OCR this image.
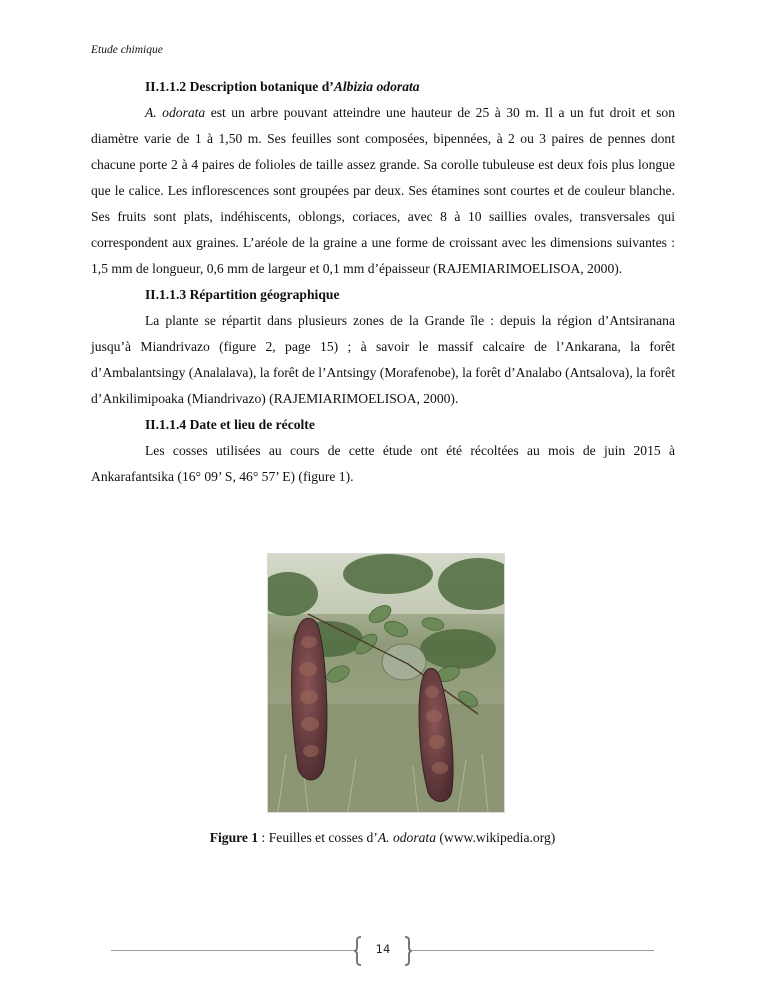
Etude chimique
II.1.1.2 Description botanique d’Albizia odorata

A. odorata est un arbre pouvant atteindre une hauteur de 25 à 30 m. Il a un fut droit et son diamètre varie de 1 à 1,50 m. Ses feuilles sont composées, bipennées, à 2 ou 3 paires de pennes dont chacune porte 2 à 4 paires de folioles de taille assez grande. Sa corolle tubuleuse est deux fois plus longue que le calice. Les inflorescences sont groupées par deux. Ses étamines sont courtes et de couleur blanche. Ses fruits sont plats, indéhiscents, oblongs, coriaces, avec 8 à 10 saillies ovales, transversales qui correspondent aux graines. L’aréole de la graine a une forme de croissant avec les dimensions suivantes : 1,5 mm de longueur, 0,6 mm de largeur et 0,1 mm d’épaisseur (RAJEMIARIMOELISOA, 2000).

II.1.1.3 Répartition géographique

La plante se répartit dans plusieurs zones de la Grande île : depuis la région d’Antsiranana jusqu’à Miandrivazo (figure 2, page 15) ; à savoir le massif calcaire de l’Ankarana, la forêt d’Ambalantsingy (Analalava), la forêt de l’Antsingy (Morafenobe), la forêt d’Analabo (Antsalova), la forêt d’Ankilimipoaka (Miandrivazo) (RAJEMIARIMOELISOA, 2000).

II.1.1.4 Date et lieu de récolte

Les cosses utilisées au cours de cette étude ont été récoltées au mois de juin 2015 à Ankarafantsika (16° 09’ S, 46° 57’ E) (figure 1).

Figure 1 : Feuilles et cosses d’A. odorata (www.wikipedia.org)
14
